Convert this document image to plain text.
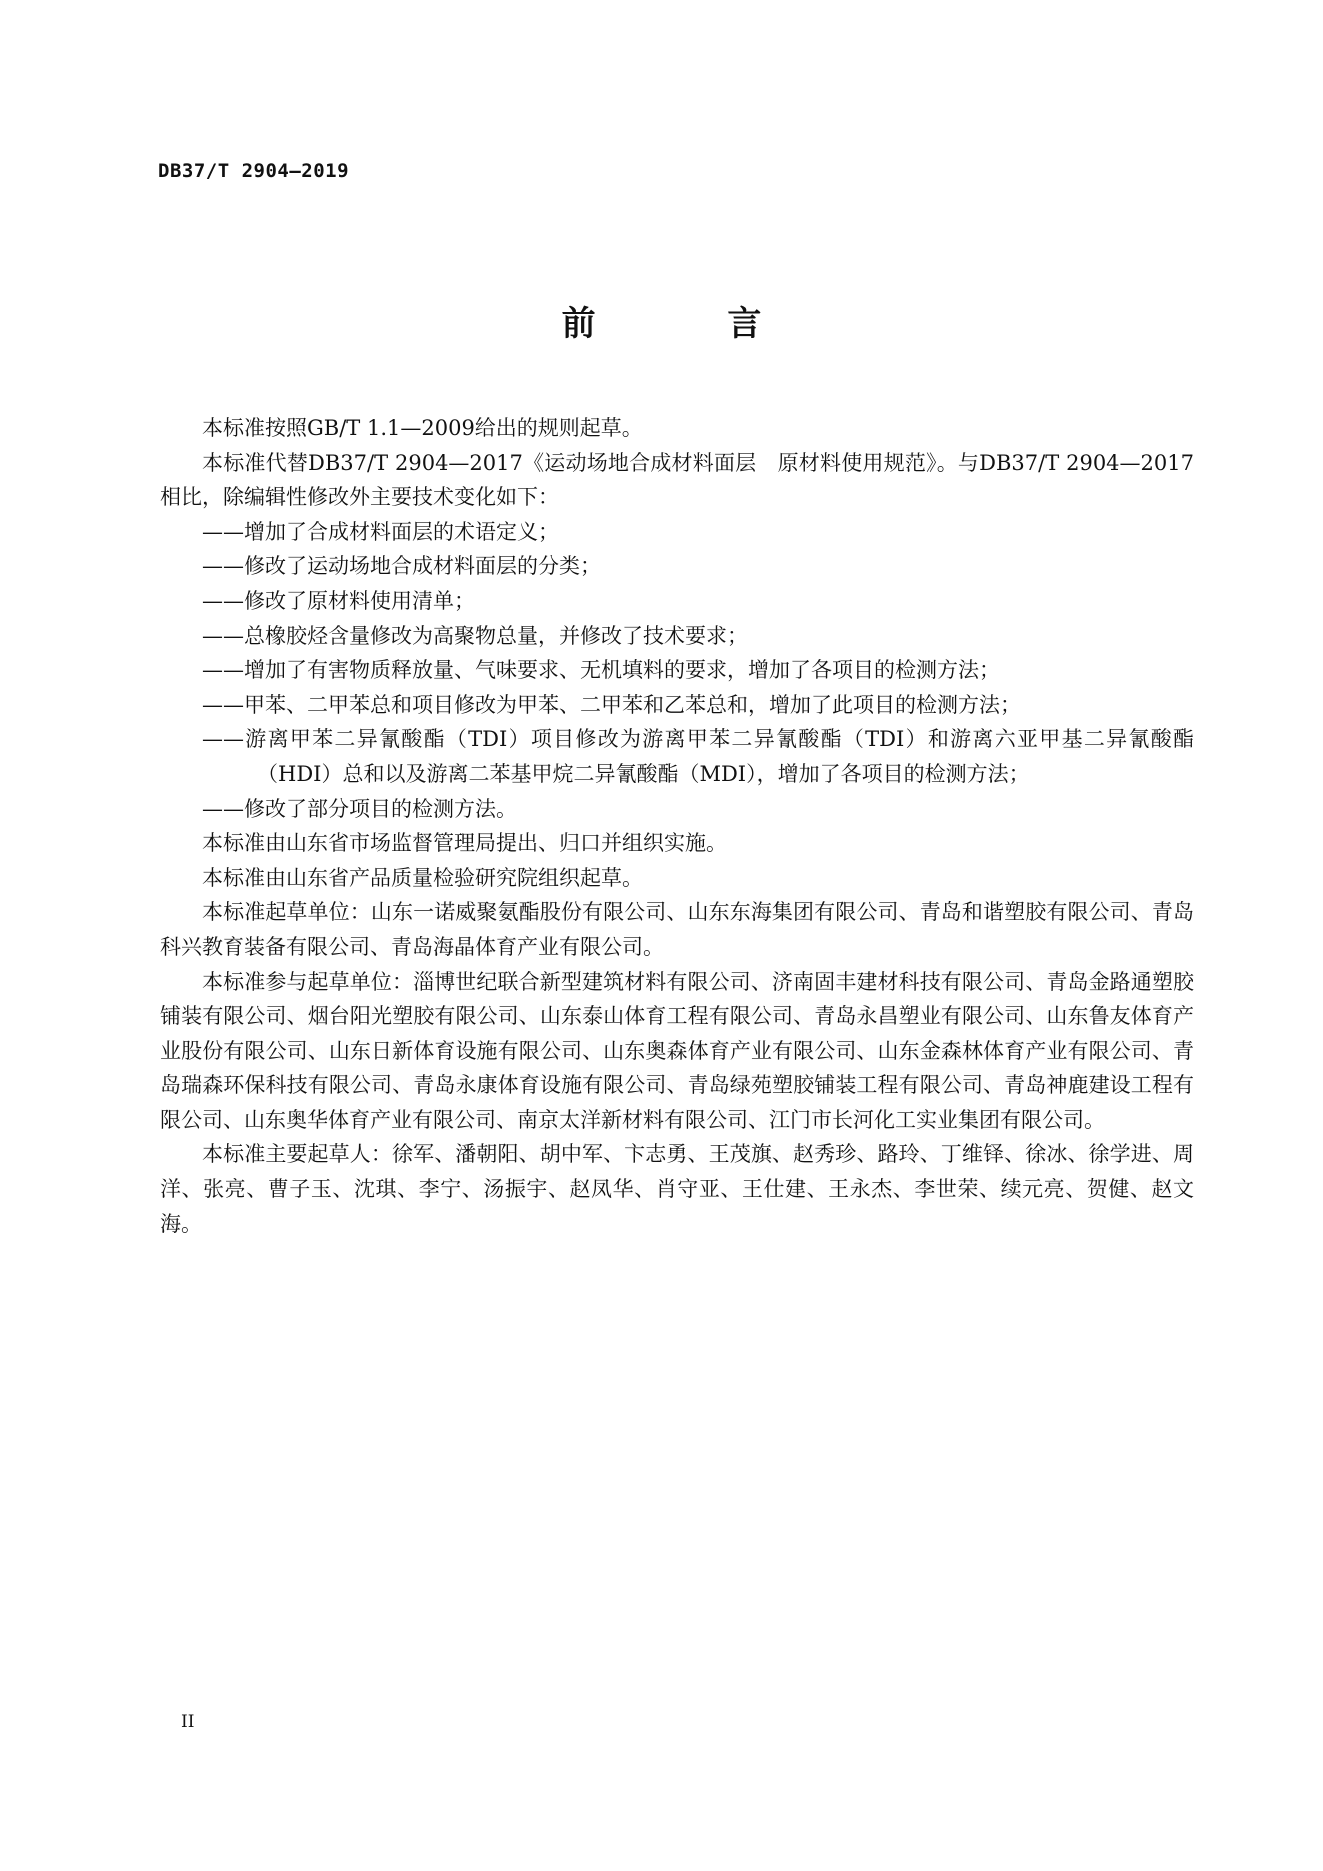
DB37/T 2904—2019
前 言

本标准按照GB/T 1.1—2009给出的规则起草。

本标准代替DB37/T 2904—2017《运动场地合成材料面层　原材料使用规范》。与DB37/T 2904—2017相比，除编辑性修改外主要技术变化如下：

——增加了合成材料面层的术语定义；

——修改了运动场地合成材料面层的分类；

——修改了原材料使用清单；

——总橡胶烃含量修改为高聚物总量，并修改了技术要求；

——增加了有害物质释放量、气味要求、无机填料的要求，增加了各项目的检测方法；

——甲苯、二甲苯总和项目修改为甲苯、二甲苯和乙苯总和，增加了此项目的检测方法；

——游离甲苯二异氰酸酯（TDI）项目修改为游离甲苯二异氰酸酯（TDI）和游离六亚甲基二异氰酸酯（HDI）总和以及游离二苯基甲烷二异氰酸酯（MDI），增加了各项目的检测方法；

——修改了部分项目的检测方法。

本标准由山东省市场监督管理局提出、归口并组织实施。

本标准由山东省产品质量检验研究院组织起草。

本标准起草单位：山东一诺威聚氨酯股份有限公司、山东东海集团有限公司、青岛和谐塑胶有限公司、青岛科兴教育装备有限公司、青岛海晶体育产业有限公司。

本标准参与起草单位：淄博世纪联合新型建筑材料有限公司、济南固丰建材科技有限公司、青岛金路通塑胶铺装有限公司、烟台阳光塑胶有限公司、山东泰山体育工程有限公司、青岛永昌塑业有限公司、山东鲁友体育产业股份有限公司、山东日新体育设施有限公司、山东奥森体育产业有限公司、山东金森林体育产业有限公司、青岛瑞森环保科技有限公司、青岛永康体育设施有限公司、青岛绿苑塑胶铺装工程有限公司、青岛神鹿建设工程有限公司、山东奥华体育产业有限公司、南京太洋新材料有限公司、江门市长河化工实业集团有限公司。

本标准主要起草人：徐军、潘朝阳、胡中军、卞志勇、王茂旗、赵秀珍、路玲、丁维铎、徐冰、徐学进、周洋、张亮、曹子玉、沈琪、李宁、汤振宇、赵凤华、肖守亚、王仕建、王永杰、李世荣、续元亮、贺健、赵文海。

II
